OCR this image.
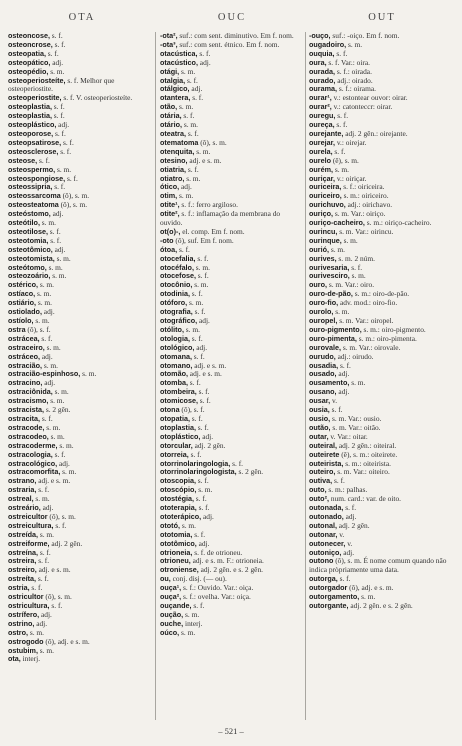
OTA	OUC	OUT
osteoncose, s. f.
osteoncrose, s. f.
osteopatia, s. f.
osteopático, adj.
osteopédio, s. m.
osteoperiosteíte, s. f. Melhor que osteoperiostite.
osteoperiostite, s. f. V. osteoperiosteíte.
osteoplastia, s. f.
osteoplastia, s. f.
osteoplástico, adj.
osteoporose, s. f.
osteopsatirose, s. f.
osteosclerose, s. f.
osteose, s. f.
osteospermo, s. m.
osteospongiose, s. f.
osteossipria, s. f.
osteossarcoma (ô), s. m.
osteosteatoma (ô), s. m.
osteóstomo, adj.
osteótilo, s. m.
osteotilose, s. f.
osteotomia, s. f.
osteotômico, adj.
osteotomista, s. m.
osteótomo, s. m.
osteozoário, s. m.
ostérico, s. m.
ostíaco, s. m.
ostiário, s. m.
ostiolado, adj.
ostíolo, s. m.
ostra (ô), s. f.
ostrácea, s. f.
ostraceiro, s. m.
ostráceo, adj.
ostracião, s. m.
ostracião-espinhoso, s. m.
ostracino, adj.
ostraciônida, s. m.
ostracismo, s. m.
ostracista, s. 2 gên.
ostracita, s. f.
ostracode, s. m.
ostracodeo, s. m.
ostracoderme, s. m.
ostracologia, s. f.
ostracológico, adj.
ostracomorfita, s. m.
ostrano, adj. e s. m.
ostraria, s. f.
ostreal, s. m.
ostreário, adj.
ostreicultor (ô), s. m.
ostreicultura, s. f.
ostreída, s. m.
ostreiforme, adj. 2 gên.
ostreína, s. f.
ostreira, s. f.
ostreiro, adj. e s. m.
ostreíta, s. f.
ostria, s. f.
ostricultor (ô), s. m.
ostricultura, s. f.
ostrífero, adj.
ostrino, adj.
ostro, s. m.
ostrogodo (ô), adj. e s. m.
ostubim, s. m.
ota, interj.
-ota², suf.: com sent. diminutivo. Em f. nom.
-ota³, suf.: com sent. étnico. Em f. nom.
otacústica, s. f.
otacústico, adj.
otági, s. m.
otalgia, s. f.
otálgico, adj.
otantera, s. f.
otão, s. m.
otária, s. f.
otário, s. m.
oteatra, s. f.
otematoma (ô), s. m.
otenquita, s. m.
otesino, adj. e s. m.
otiatria, s. f.
otiatro, s. m.
ótico, adj.
otim, s. m.
otite¹, s. f.: ferro argiloso.
otite², s. f.: inflamação da membrana do ouvido.
ot(o)-, el. comp. Em f. nom.
-oto (ô), suf. Em f. nom.
ótoa, s. f.
otocefalia, s. f.
otocéfalo, s. m.
otocefose, s. f.
otocônio, s. m.
otodinia, s. f.
otóforo, s. m.
otografia, s. f.
otográfico, adj.
otólito, s. m.
otologia, s. f.
otológico, adj.
otomana, s. f.
otomano, adj. e s. m.
otomão, adj. e s. m.
otomba, s. f.
otombeira, s. f.
otomicose, s. f.
otona (ô), s. f.
otopatia, s. f.
otoplastia, s. f.
otoplástico, adj.
otorcular, adj. 2 gên.
otorreia, s. f.
otorrinolaringologia, s. f.
otorrinolaringologista, s. 2 gên.
otoscopia, s. f.
otoscópio, s. m.
otostégia, s. f.
ototerapia, s. f.
ototerápico, adj.
ototó, s. m.
ototomia, s. f.
ototômico, adj.
otrioneia, s. f. de otrioneu.
otrioneu, adj. e s. m. F.: otrioneia.
otroniense, adj. 2 gên. e s. 2 gên.
ou, conj. disj. (— ou).
ouça¹, s. f.: Ouvido. Var.: oiça.
ouça², s. f.: ovelha. Var.: oiça.
ouçande, s. f.
oução, s. m.
ouche, interj.
oúco, s. m.
-ouço, suf.: -oiço. Em f. nom.
ougadoiro, s. m.
ouquia, s. f.
oura, s. f. Var.: oira.
ourada, s. f.: oirada.
ourado, adj.: oirado.
ourama, s. f.: oirama.
ourar¹, v.: estontear ouvor: oirar.
ourar², v.: catonteccr: oirar.
ouregu, s. f.
oureça, s. f.
ourejante, adj. 2 gên.: oirejante.
ourejar, v.: oirejar.
ourela, s. f.
ourelo (ê), s. m.
ourém, s. m.
ouriçar, v.: oiriçar.
ouriceira, s. f.: oiriceira.
ouriceiro, s. m.: oiriceiro.
ourichuvo, adj.: oirichavo.
ouriço, s. m. Var.: oiriço.
ouriço-cacheiro, s. m.: oiriço-cacheiro.
ourincu, s. m. Var.: oirincu.
ourinque, s. m.
ourió, s. m.
ourives, s. m. 2 núm.
ourivesaria, s. f.
ourivesciro, s. m.
ouro, s. m. Var.: oiro.
ouro-de-pão, s. m.: oiro-de-pão.
ouro-fio, adv. mod.: oiro-fio.
ourolo, s. m.
ouropel, s. m. Var.: oiropel.
ouro-pigmento, s. m.: oiro-pigmento.
ouro-pimenta, s. m.: oiro-pimenta.
ourovale, s. m. Var.: oirovale.
ourudo, adj.: oirudo.
ousadia, s. f.
ousado, adj.
ousamento, s. m.
ousano, adj.
ousar, v.
ousia, s. f.
ousio, s. m. Var.: ousio.
outão, s. m. Var.: oitão.
outar, v. Var.: oitar.
outeiral, adj. 2 gên.: oiteiral.
outeirete (ê), s. m.: oiteirete.
outeirista, s. m.: oiteirista.
outeiro, s. m. Var.: oiteiro.
outiva, s. f.
outo, s. m.: palhas.
outo², num. card.: var. de oito.
outonada, s. f.
outonado, adj.
outonal, adj. 2 gên.
outonar, v.
outonecer, v.
outoniço, adj.
outono (ô), s. m. É nome comum quando não indica pròpriamente uma data.
outorga, s. f.
outorgador (ô), adj. e s. m.
outorgamento, s. m.
outorgante, adj. 2 gên. e s. 2 gên.
– 521 –
